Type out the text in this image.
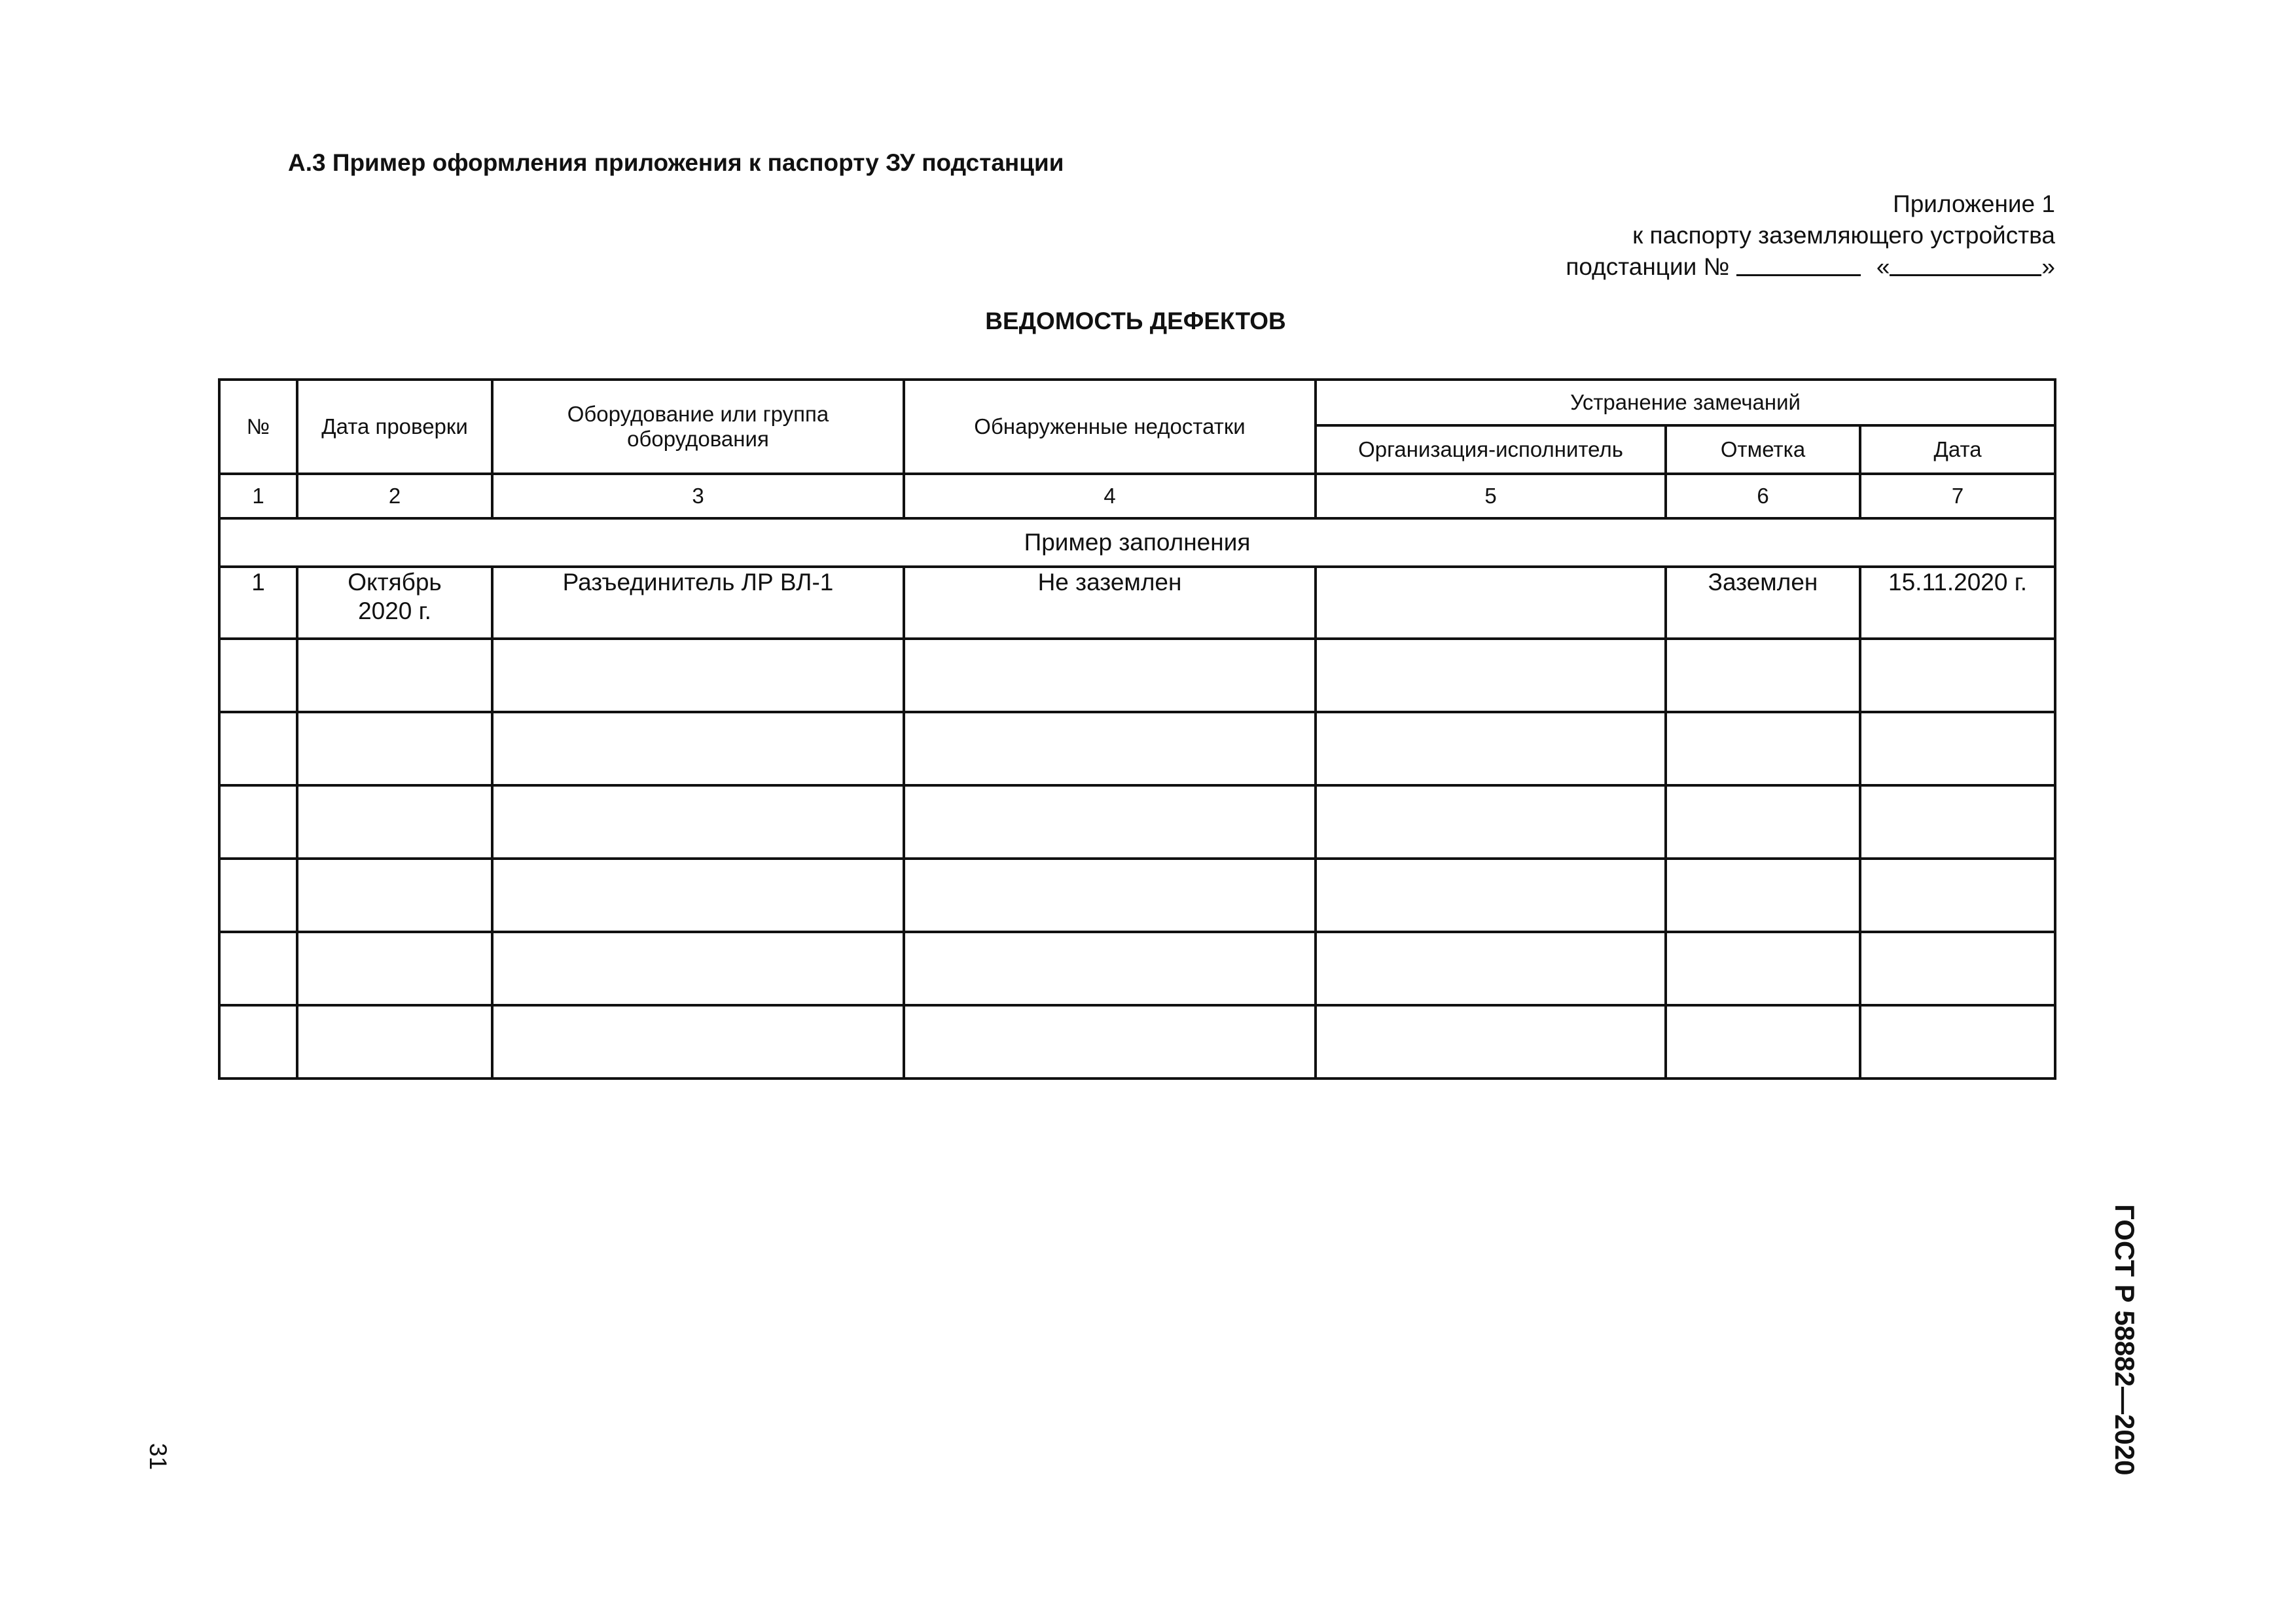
А.3 Пример оформления приложения к паспорту ЗУ подстанции
Приложение 1
к паспорту заземляющего устройства
подстанции №	«	»
ВЕДОМОСТЬ ДЕФЕКТОВ
№	Дата проверки	Оборудование или группа оборудования	Обнаруженные недостатки	Устранение замечаний		
				Организация-исполнитель	Отметка	Дата
1	2	3	4	5	6	7
Пример заполнения						
1	Октябрь 2020 г.	Разъединитель ЛР ВЛ-1	Не заземлен		Заземлен	15.11.2020 г.

ГОСТ Р 58882—2020
31
